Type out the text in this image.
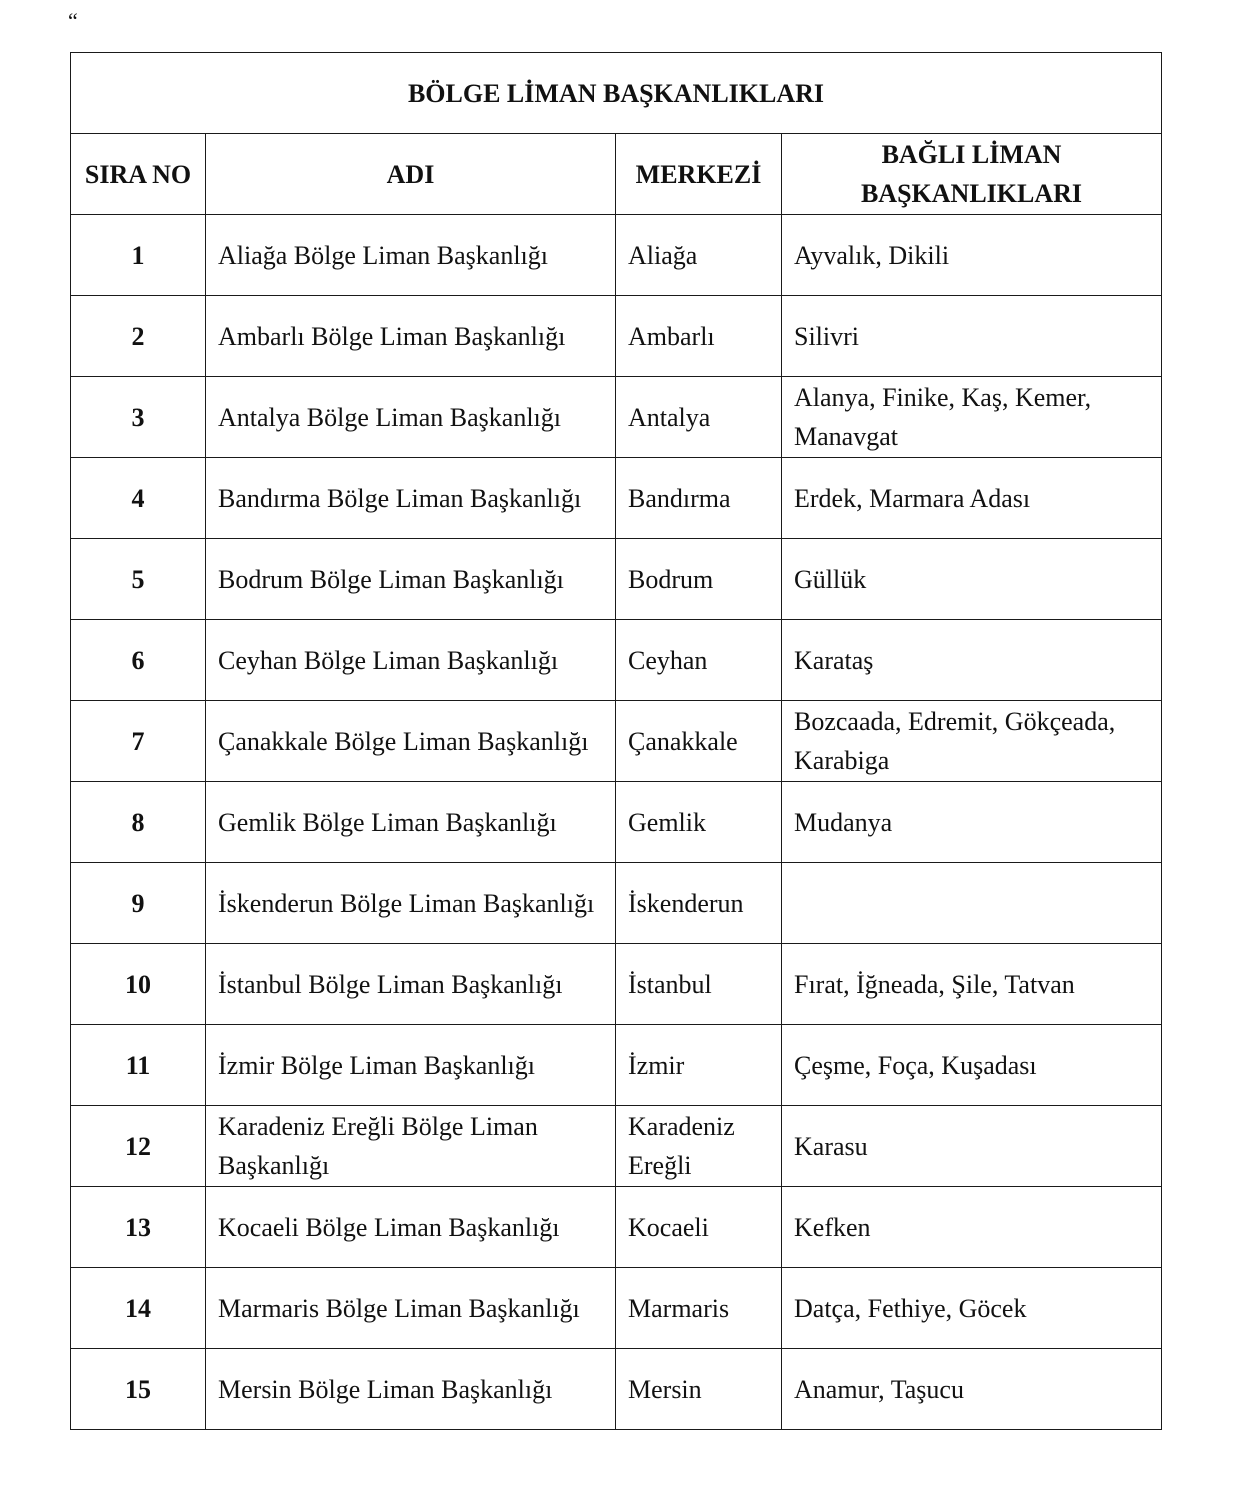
“
BÖLGE LİMAN BAŞKANLIKLARI			
SIRA NO	ADI	MERKEZİ	BAĞLI LİMAN BAŞKANLIKLARI
1	Aliağa Bölge Liman Başkanlığı	Aliağa	Ayvalık, Dikili
2	Ambarlı Bölge Liman Başkanlığı	Ambarlı	Silivri
3	Antalya Bölge Liman Başkanlığı	Antalya	Alanya, Finike, Kaş, Kemer, Manavgat
4	Bandırma Bölge Liman Başkanlığı	Bandırma	Erdek, Marmara Adası
5	Bodrum Bölge Liman Başkanlığı	Bodrum	Güllük
6	Ceyhan Bölge Liman Başkanlığı	Ceyhan	Karataş
7	Çanakkale Bölge Liman Başkanlığı	Çanakkale	Bozcaada, Edremit, Gökçeada, Karabiga
8	Gemlik Bölge Liman Başkanlığı	Gemlik	Mudanya
9	İskenderun Bölge Liman Başkanlığı	İskenderun	
10	İstanbul Bölge Liman Başkanlığı	İstanbul	Fırat, İğneada, Şile, Tatvan
11	İzmir Bölge Liman Başkanlığı	İzmir	Çeşme, Foça, Kuşadası
12	Karadeniz Ereğli Bölge Liman Başkanlığı	Karadeniz Ereğli	Karasu
13	Kocaeli Bölge Liman Başkanlığı	Kocaeli	Kefken
14	Marmaris Bölge Liman Başkanlığı	Marmaris	Datça, Fethiye, Göcek
15	Mersin Bölge Liman Başkanlığı	Mersin	Anamur, Taşucu
